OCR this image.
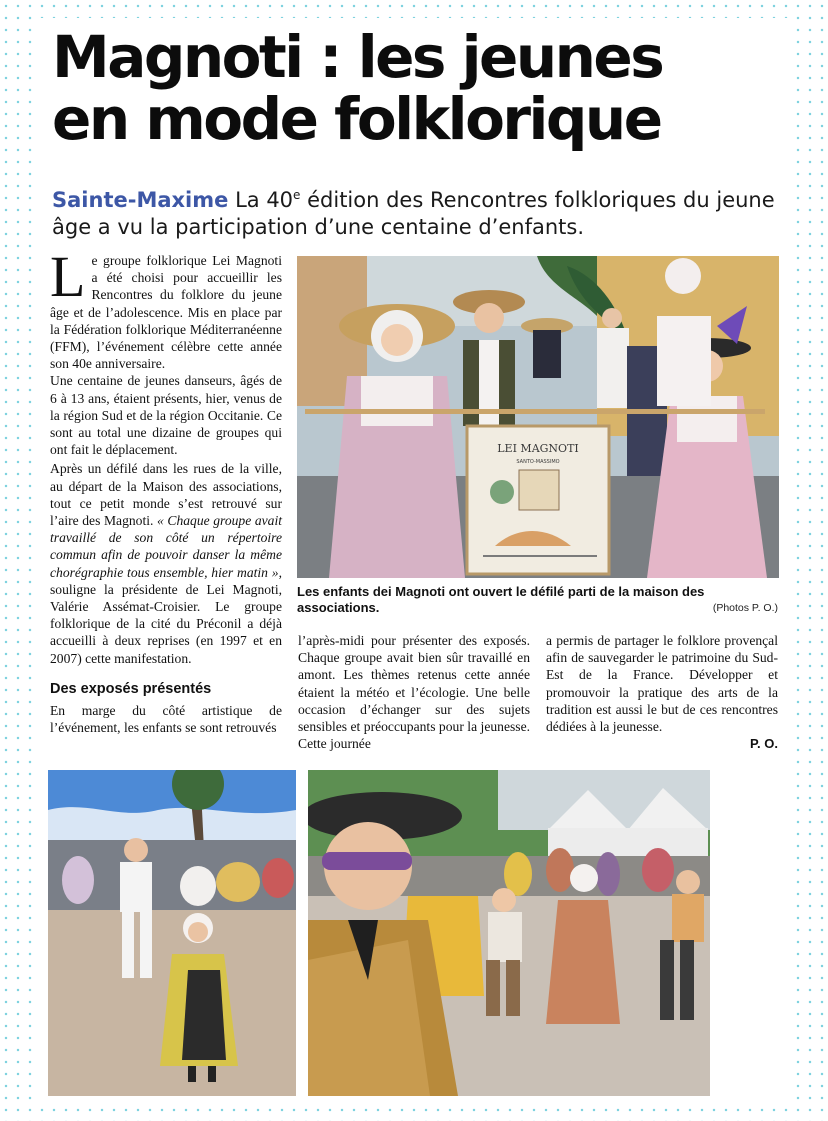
Magnoti : les jeunes
en mode folklorique
Sainte-Maxime La 40e édition des Rencontres folkloriques du jeune âge a vu la participation d’une centaine d’enfants.

Le groupe folklorique Lei Magnoti a été choisi pour accueillir les Rencontres du folklore du jeune âge et de l’adolescence. Mis en place par la Fédération folklorique Méditerranéenne (FFM), l’événement célèbre cette année son 40e anniversaire.

Une centaine de jeunes danseurs, âgés de 6 à 13 ans, étaient présents, hier, venus de la région Sud et de la région Occitanie. Ce sont au total une dizaine de groupes qui ont fait le déplacement.

Après un défilé dans les rues de la ville, au départ de la Maison des associations, tout ce petit monde s’est retrouvé sur l’aire des Magnoti. « Chaque groupe avait travaillé de son côté un répertoire commun afin de pouvoir danser la même chorégraphie tous ensemble, hier matin », souligne la présidente de Lei Magnoti, Valérie Assémat-Croisier. Le groupe folklorique de la cité du Préconil a déjà accueilli à deux reprises (en 1997 et en 2007) cette manifestation.

Des exposés présentés

En marge du côté artistique de l’événement, les enfants se sont retrouvés

LEI MAGNOTI
SANTO-MASSIMO
Les enfants dei Magnoti ont ouvert le défilé parti de la maison des associations.	(Photos P. O.)

l’après-midi pour présenter des exposés. Chaque groupe avait bien sûr travaillé en amont. Les thèmes retenus cette année étaient la météo et l’écologie. Une belle occasion d’échanger sur des sujets sensibles et préoccupants pour la jeunesse. Cette journée

a permis de partager le folklore provençal afin de sauvegarder le patrimoine du Sud-Est de la France. Développer et promouvoir la pratique des arts de la tradition est aussi le but de ces rencontres dédiées à la jeunesse.

P. O.
